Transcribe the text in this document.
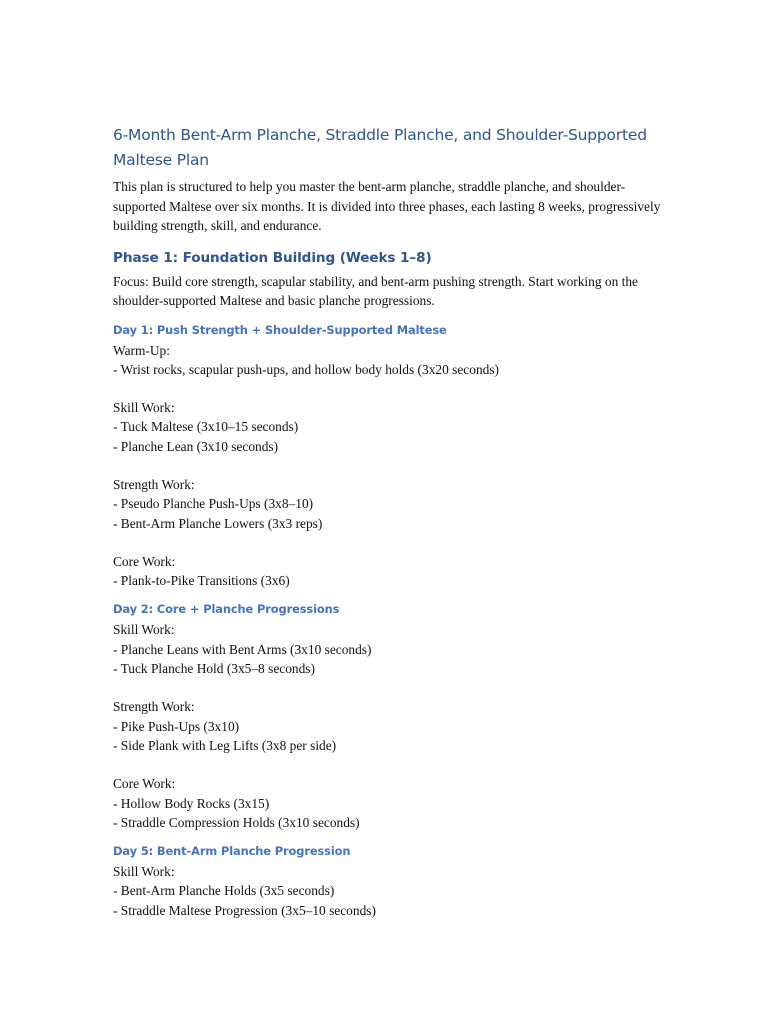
6-Month Bent-Arm Planche, Straddle Planche, and Shoulder-Supported Maltese Plan

This plan is structured to help you master the bent-arm planche, straddle planche, and shoulder-supported Maltese over six months. It is divided into three phases, each lasting 8 weeks, progressively building strength, skill, and endurance.

Phase 1: Foundation Building (Weeks 1–8)

Focus: Build core strength, scapular stability, and bent-arm pushing strength. Start working on the shoulder-supported Maltese and basic planche progressions.

Day 1: Push Strength + Shoulder-Supported Maltese

Warm-Up:

- Wrist rocks, scapular push-ups, and hollow body holds (3x20 seconds)

Skill Work:

- Tuck Maltese (3x10–15 seconds)

- Planche Lean (3x10 seconds)

Strength Work:

- Pseudo Planche Push-Ups (3x8–10)

- Bent-Arm Planche Lowers (3x3 reps)

Core Work:

- Plank-to-Pike Transitions (3x6)

Day 2: Core + Planche Progressions

Skill Work:

- Planche Leans with Bent Arms (3x10 seconds)

- Tuck Planche Hold (3x5–8 seconds)

Strength Work:

- Pike Push-Ups (3x10)

- Side Plank with Leg Lifts (3x8 per side)

Core Work:

- Hollow Body Rocks (3x15)

- Straddle Compression Holds (3x10 seconds)

Day 5: Bent-Arm Planche Progression

Skill Work:

- Bent-Arm Planche Holds (3x5 seconds)

- Straddle Maltese Progression (3x5–10 seconds)
